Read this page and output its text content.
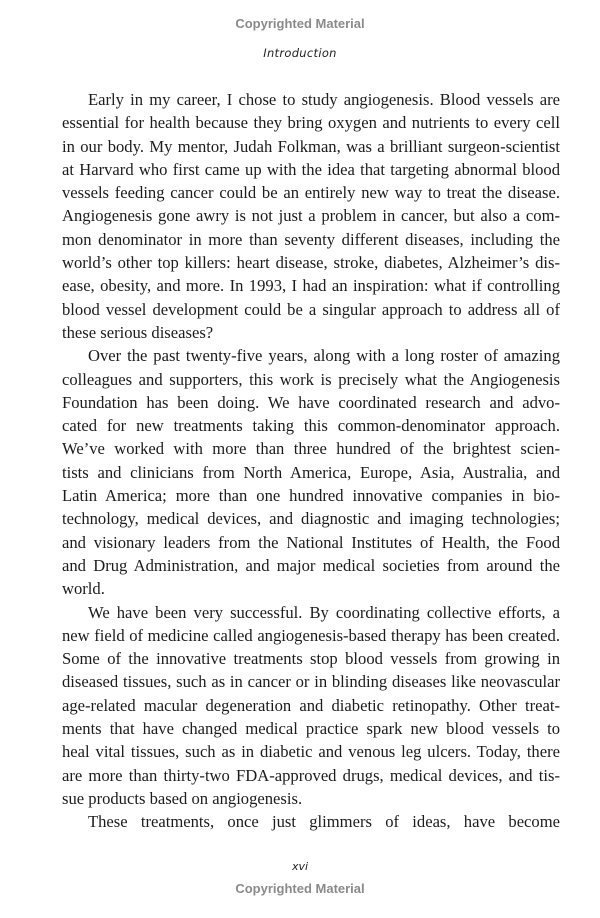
Copyrighted Material
Introduction
Early in my career, I chose to study angiogenesis. Blood vessels are
essential for health because they bring oxygen and nutrients to every cell
in our body. My mentor, Judah Folkman, was a brilliant surgeon-scientist
at Harvard who first came up with the idea that targeting abnormal blood
vessels feeding cancer could be an entirely new way to treat the disease.
Angiogenesis gone awry is not just a problem in cancer, but also a com-
mon denominator in more than seventy different diseases, including the
world’s other top killers: heart disease, stroke, diabetes, Alzheimer’s dis-
ease, obesity, and more. In 1993, I had an inspiration: what if controlling
blood vessel development could be a singular approach to address all of
these serious diseases?
Over the past twenty-five years, along with a long roster of amazing
colleagues and supporters, this work is precisely what the Angiogenesis
Foundation has been doing. We have coordinated research and advo-
cated for new treatments taking this common-denominator approach.
We’ve worked with more than three hundred of the brightest scien-
tists and clinicians from North America, Europe, Asia, Australia, and
Latin America; more than one hundred innovative companies in bio-
technology, medical devices, and diagnostic and imaging technologies;
and visionary leaders from the National Institutes of Health, the Food
and Drug Administration, and major medical societies from around the
world.
We have been very successful. By coordinating collective efforts, a
new field of medicine called angiogenesis-based therapy has been created.
Some of the innovative treatments stop blood vessels from growing in
diseased tissues, such as in cancer or in blinding diseases like neovascular
age-related macular degeneration and diabetic retinopathy. Other treat-
ments that have changed medical practice spark new blood vessels to
heal vital tissues, such as in diabetic and venous leg ulcers. Today, there
are more than thirty-two FDA-approved drugs, medical devices, and tis-
sue products based on angiogenesis.
These treatments, once just glimmers of ideas, have become
xvi
Copyrighted Material
